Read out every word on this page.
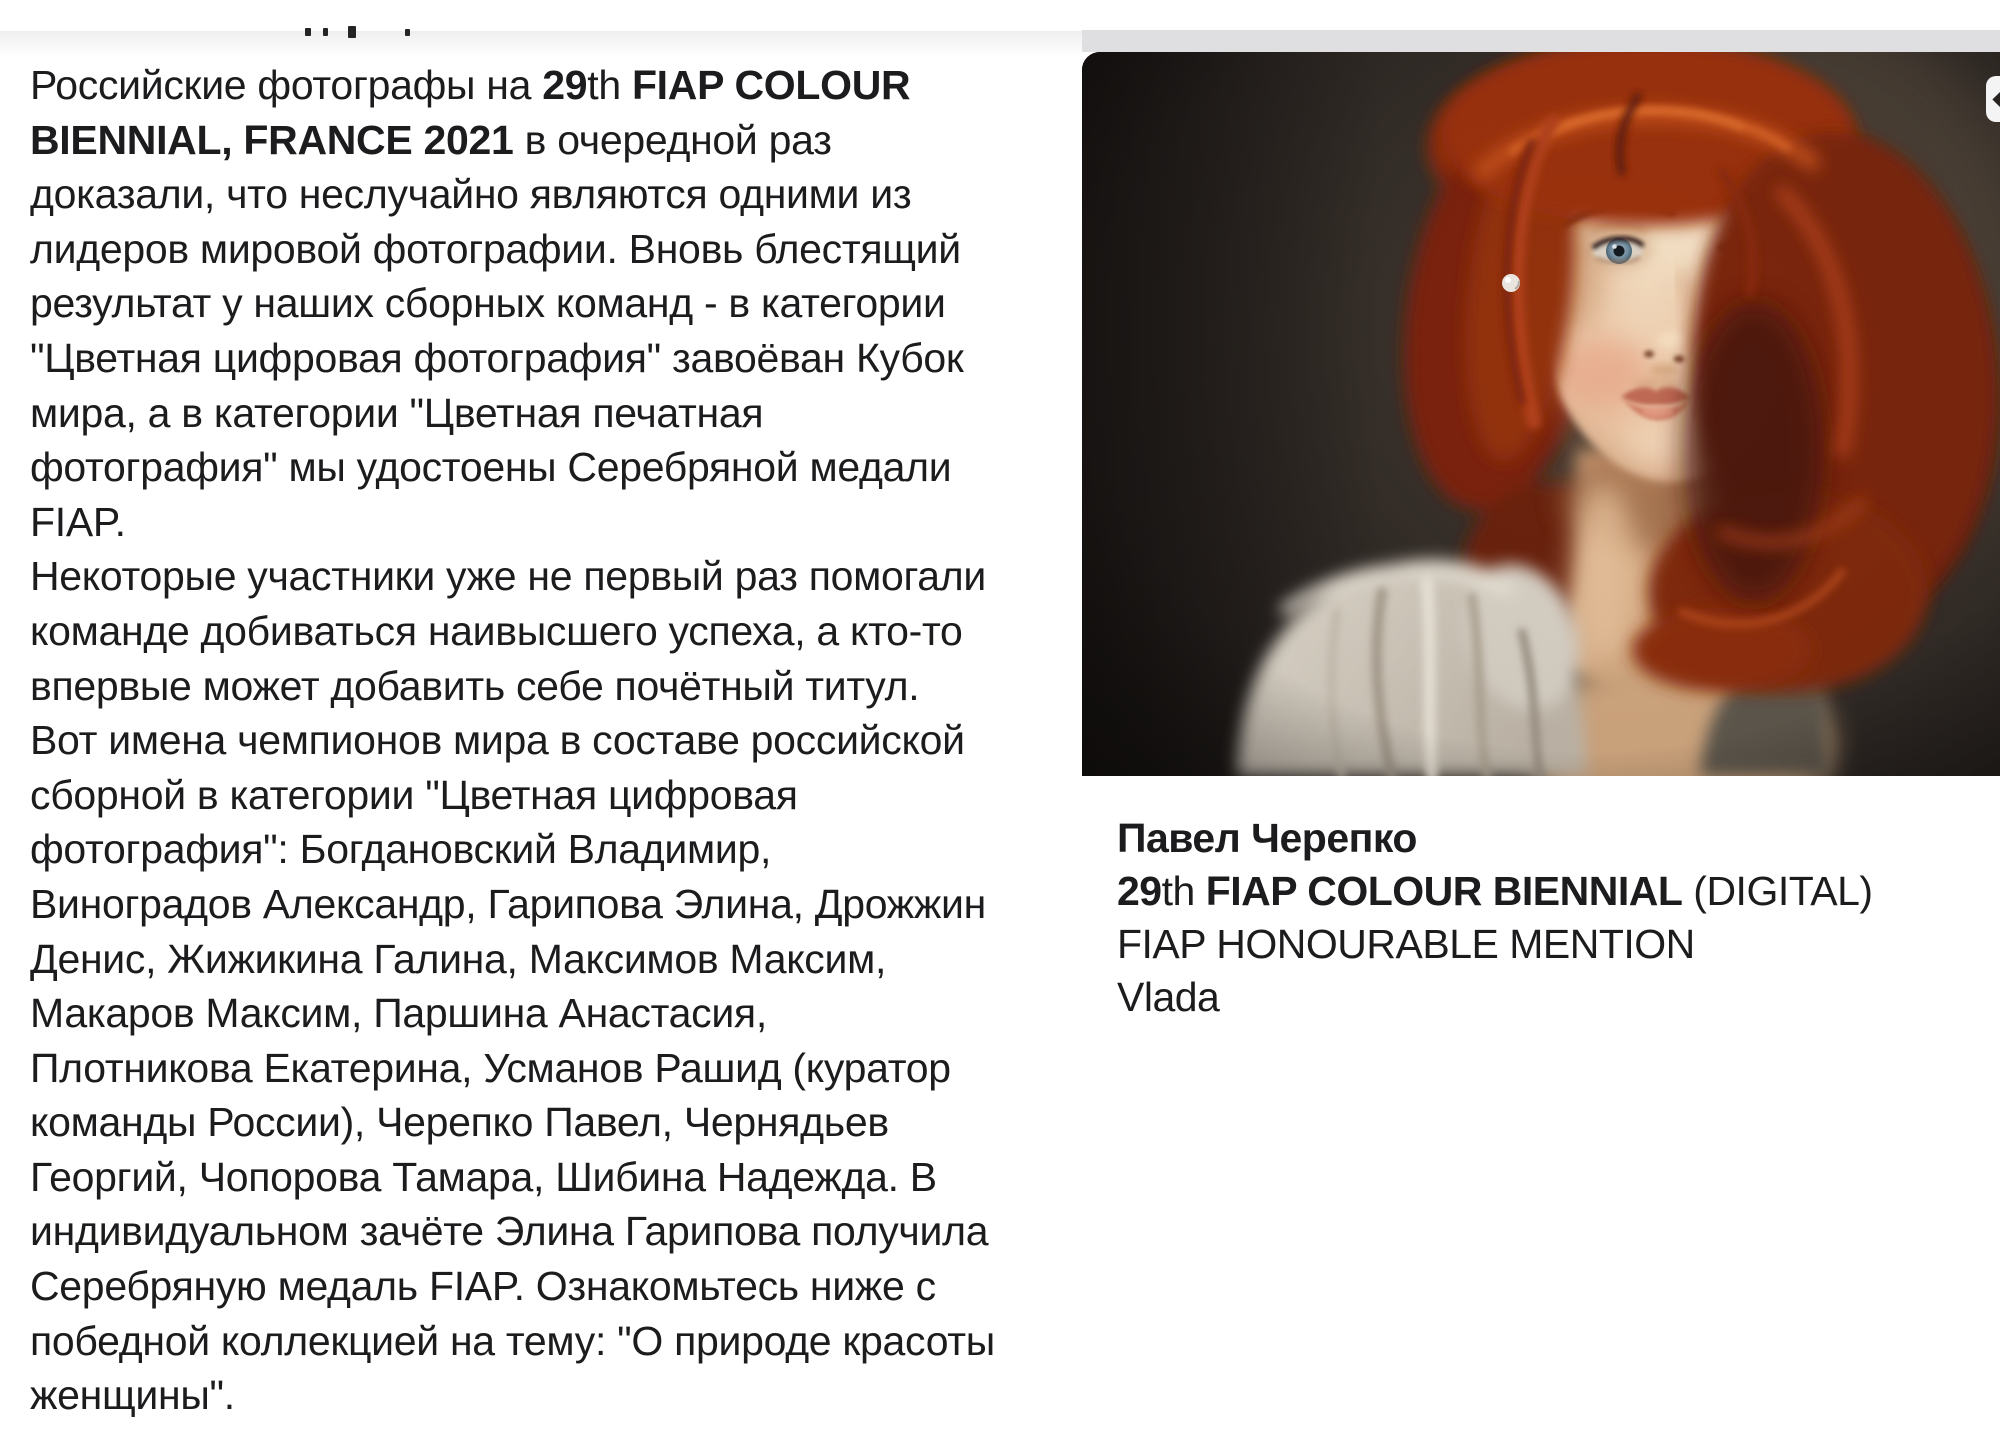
Российские фотографы на 29th FIAP COLOUR
BIENNIAL, FRANCE 2021 в очередной раз
доказали, что неслучайно являются одними из
лидеров мировой фотографии. Вновь блестящий
результат у наших сборных команд - в категории
"Цветная цифровая фотография" завоёван Кубок
мира, а в категории "Цветная печатная
фотография" мы удостоены Серебряной медали
FIAP.
Некоторые участники уже не первый раз помогали
команде добиваться наивысшего успеха, а кто-то
впервые может добавить себе почётный титул.
Вот имена чемпионов мира в составе российской
сборной в категории "Цветная цифровая
фотография": Богдановский Владимир,
Виноградов Александр, Гарипова Элина, Дрожжин
Денис, Жижикина Галина, Максимов Максим,
Макаров Максим, Паршина Анастасия,
Плотникова Екатерина, Усманов Рашид (куратор
команды России), Черепко Павел, Чернядьев
Георгий, Чопорова Тамара, Шибина Надежда. В
индивидуальном зачёте Элина Гарипова получила
Серебряную медаль FIAP. Ознакомьтесь ниже с
победной коллекцией на тему: "О природе красоты
женщины".
Павел Черепко
29th FIAP COLOUR BIENNIAL (DIGITAL)
FIAP HONOURABLE MENTION
Vlada
